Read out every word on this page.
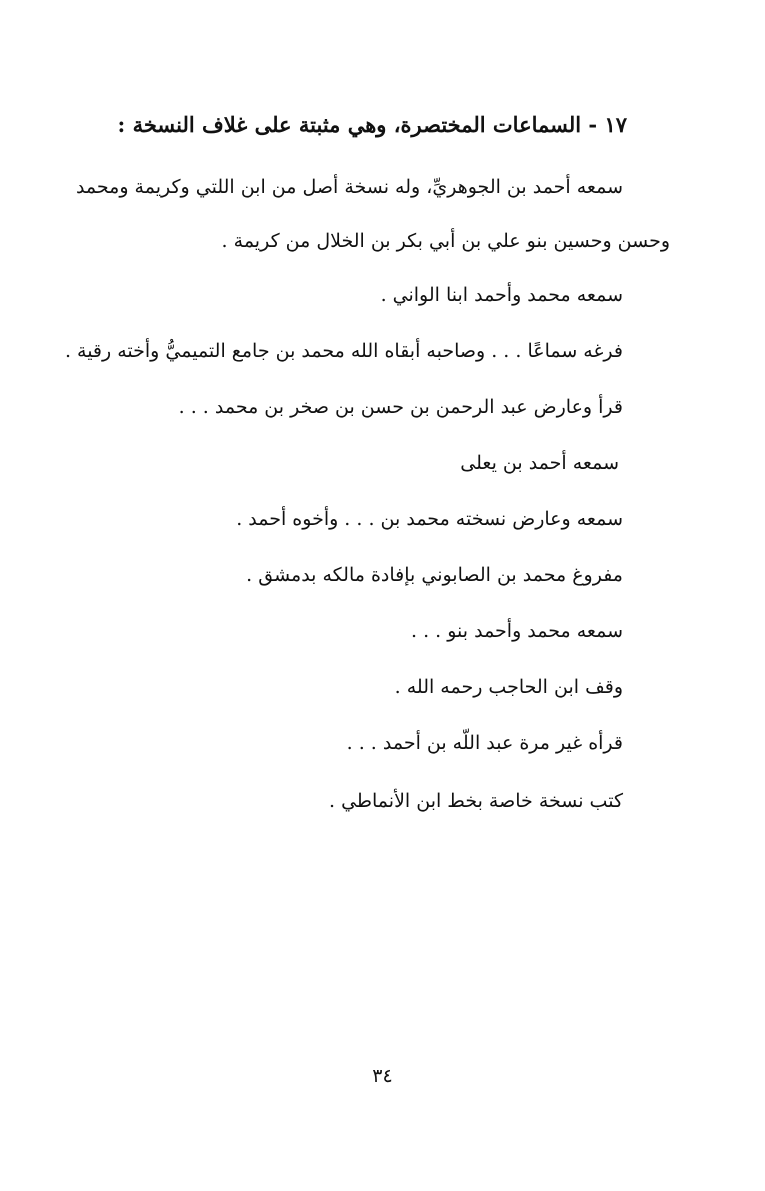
١٧ - السماعات المختصرة، وهي مثبتة على غلاف النسخة :
سمعه أحمد بن الجوهريِّ، وله نسخة أصل من ابن اللتي وكريمة ومحمد
وحسن وحسين بنو علي بن أبي بكر بن الخلال من كريمة .
سمعه محمد وأحمد ابنا الواني .
فرغه سماعًا . . . وصاحبه أبقاه الله محمد بن جامع التميميُّ وأخته رقية .
قرأ وعارض عبد الرحمن بن حسن بن صخر بن محمد . . .
سمعه أحمد بن يعلى
سمعه وعارض نسخته محمد بن . . . وأخوه أحمد .
مفروغ محمد بن الصابوني بإفادة مالكه بدمشق .
سمعه محمد وأحمد بنو . . .
وقف ابن الحاجب رحمه الله .
قرأه غير مرة عبد اللّه بن أحمد . . .
كتب نسخة خاصة بخط ابن الأنماطي .
٣٤
